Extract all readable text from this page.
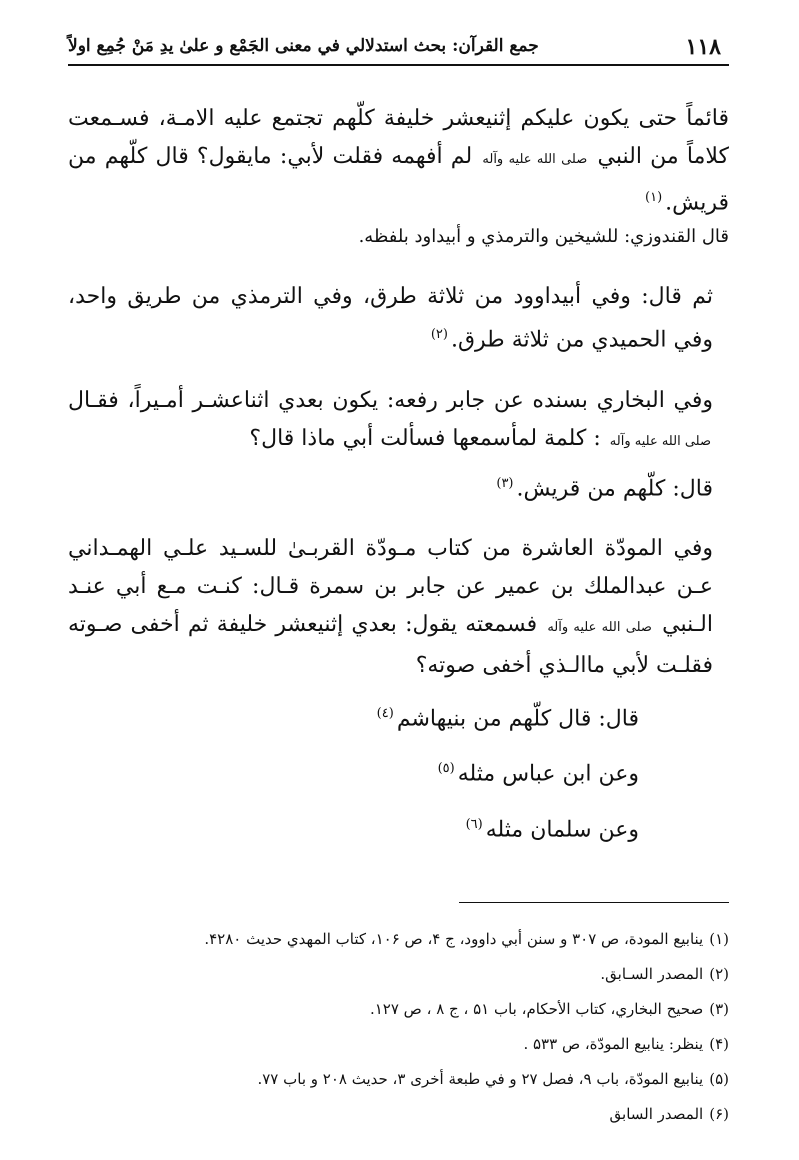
١١٨
جمع القرآن: بحث استدلالي في معنى الجَمْع و علىٰ يدِ مَنْ جُمِع اولاً

قائماً حتى يكون عليكم إثنيعشر خليفة كلّهم تجتمع عليه الامـة، فسـمعت كلاماً من النبي صلى الله عليه وآله لم أفهمه فقلت لأبي: مايقول؟ قال كلّهم من قريش.$^{(١)}$

قال القندوزي: للشيخين والترمذي و أبيداود بلفظه.

ثم قال: وفي أبيداوود من ثلاثة طرق، وفي الترمذي من طريق واحد، وفي الحميدي من ثلاثة طرق.$^{(٢)}$

وفي البخاري بسنده عن جابر رفعه: يكون بعدي اثناعشـر أمـيراً، فقـال صلى الله عليه وآله : كلمة لمأسمعها فسألت أبي ماذا قال؟

قال: كلّهم من قريش.$^{(٣)}$

وفي المودّة العاشرة من كتاب مـودّة القربـىٰ للسـيد علـي الهمـداني عـن عبدالملك بن عمير عن جابر بن سمرة قـال: كنـت مـع أبي عنـد الـنبي صلى الله عليه وآله فسمعته يقول: بعدي إثنيعشر خليفة ثم أخفى صـوته فقلـت لأبي ماالـذي أخفى صوته؟

قال: قال كلّهم من بنيهاشم$^{(٤)}$

وعن ابن عباس مثله$^{(٥)}$

وعن سلمان مثله$^{(٦)}$

(١)ينابيع المودة، ص ٣٠٧ و سنن أبي داوود، ج ۴، ص ١٠۶، كتاب المهدي حديث ۴٢٨٠.
(٢)المصدر السـابق.
(٣)صحيح البخاري، كتاب الأحكام، باب ۵١ ، ج ٨ ، ص ١٢٧.
(۴)ينظر: ينابيع المودّة، ص ۵٣٣ .
(۵)ينابيع المودّة، باب ٩، فصل ٢٧ و في طبعة أخرى ٣، حديث ٢٠٨ و باب ٧٧.
(۶)المصدر السابق
